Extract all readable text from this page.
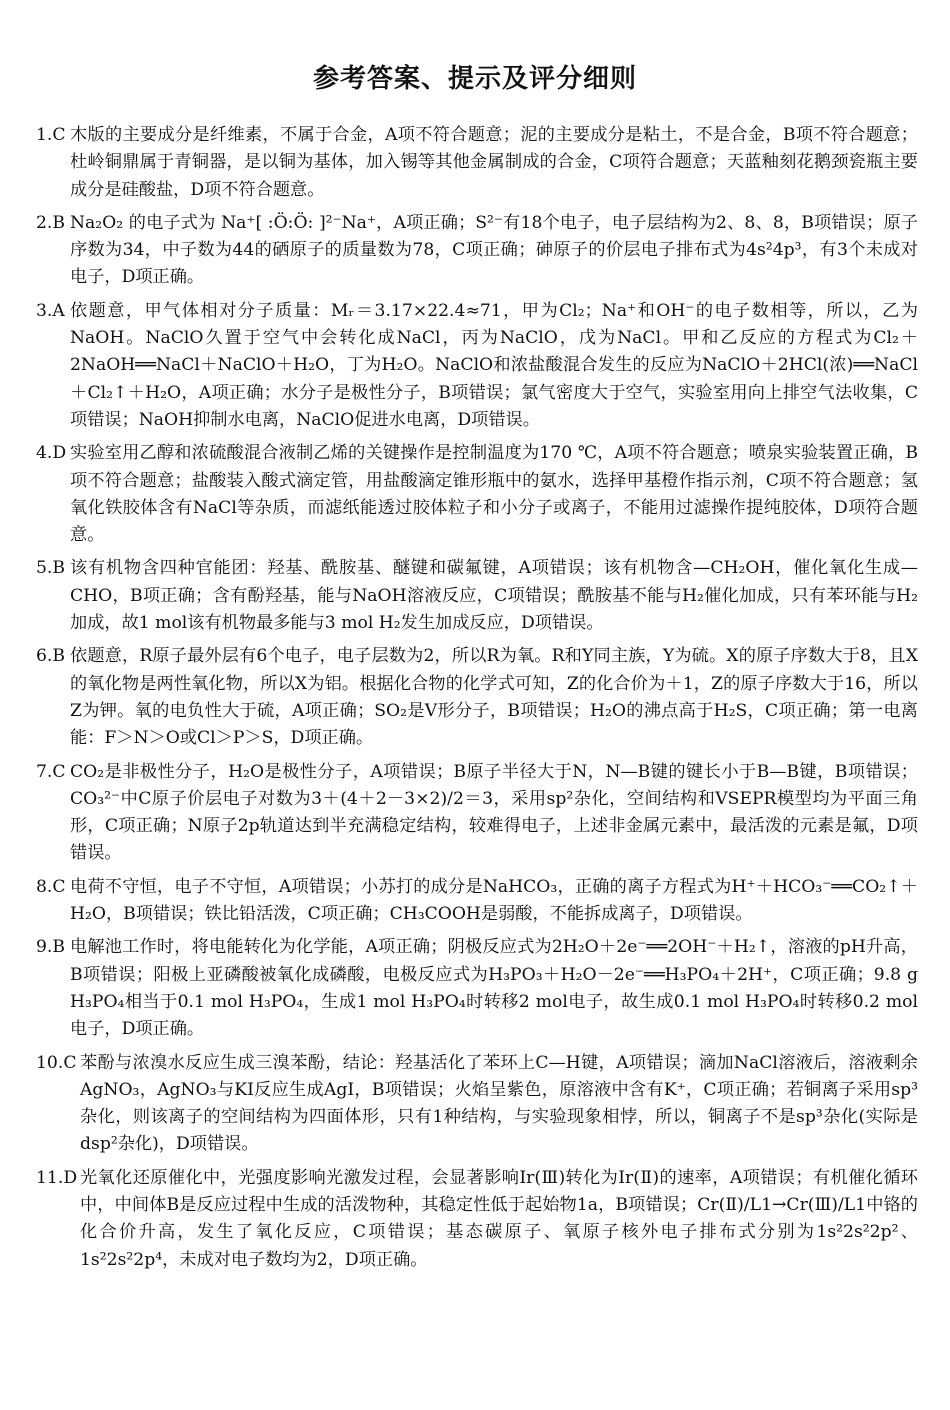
参考答案、提示及评分细则
1.C 木版的主要成分是纤维素，不属于合金，A项不符合题意；泥的主要成分是粘土，不是合金，B项不符合题意；杜岭铜鼎属于青铜器，是以铜为基体，加入锡等其他金属制成的合金，C项符合题意；天蓝釉刻花鹅颈瓷瓶主要成分是硅酸盐，D项不符合题意。
2.B Na₂O₂ 的电子式为 Na⁺[ :Ö:Ö: ]²⁻Na⁺，A项正确；S²⁻有18个电子，电子层结构为2、8、8，B项错误；原子序数为34，中子数为44的硒原子的质量数为78，C项正确；砷原子的价层电子排布式为4s²4p³，有3个未成对电子，D项正确。
3.A 依题意，甲气体相对分子质量：Mᵣ＝3.17×22.4≈71，甲为Cl₂；Na⁺和OH⁻的电子数相等，所以，乙为NaOH。NaClO久置于空气中会转化成NaCl，丙为NaClO，戊为NaCl。甲和乙反应的方程式为Cl₂＋2NaOH══NaCl＋NaClO＋H₂O，丁为H₂O。NaClO和浓盐酸混合发生的反应为NaClO＋2HCl(浓)══NaCl＋Cl₂↑＋H₂O，A项正确；水分子是极性分子，B项错误；氯气密度大于空气，实验室用向上排空气法收集，C项错误；NaOH抑制水电离，NaClO促进水电离，D项错误。
4.D 实验室用乙醇和浓硫酸混合液制乙烯的关键操作是控制温度为170 ℃，A项不符合题意；喷泉实验装置正确，B项不符合题意；盐酸装入酸式滴定管，用盐酸滴定锥形瓶中的氨水，选择甲基橙作指示剂，C项不符合题意；氢氧化铁胶体含有NaCl等杂质，而滤纸能透过胶体粒子和小分子或离子，不能用过滤操作提纯胶体，D项符合题意。
5.B 该有机物含四种官能团：羟基、酰胺基、醚键和碳氟键，A项错误；该有机物含—CH₂OH，催化氧化生成—CHO，B项正确；含有酚羟基，能与NaOH溶液反应，C项错误；酰胺基不能与H₂催化加成，只有苯环能与H₂加成，故1 mol该有机物最多能与3 mol H₂发生加成反应，D项错误。
6.B 依题意，R原子最外层有6个电子，电子层数为2，所以R为氧。R和Y同主族，Y为硫。X的原子序数大于8，且X的氧化物是两性氧化物，所以X为铝。根据化合物的化学式可知，Z的化合价为＋1，Z的原子序数大于16，所以Z为钾。氧的电负性大于硫，A项正确；SO₂是V形分子，B项错误；H₂O的沸点高于H₂S，C项正确；第一电离能：F＞N＞O或Cl＞P＞S，D项正确。
7.C CO₂是非极性分子，H₂O是极性分子，A项错误；B原子半径大于N，N—B键的键长小于B—B键，B项错误；CO₃²⁻中C原子价层电子对数为3＋(4＋2－3×2)/2＝3，采用sp²杂化，空间结构和VSEPR模型均为平面三角形，C项正确；N原子2p轨道达到半充满稳定结构，较难得电子，上述非金属元素中，最活泼的元素是氟，D项错误。
8.C 电荷不守恒，电子不守恒，A项错误；小苏打的成分是NaHCO₃，正确的离子方程式为H⁺＋HCO₃⁻══CO₂↑＋H₂O，B项错误；铁比铅活泼，C项正确；CH₃COOH是弱酸，不能拆成离子，D项错误。
9.B 电解池工作时，将电能转化为化学能，A项正确；阴极反应式为2H₂O＋2e⁻══2OH⁻＋H₂↑，溶液的pH升高，B项错误；阳极上亚磷酸被氧化成磷酸，电极反应式为H₃PO₃＋H₂O－2e⁻══H₃PO₄＋2H⁺，C项正确；9.8 g H₃PO₄相当于0.1 mol H₃PO₄，生成1 mol H₃PO₄时转移2 mol电子，故生成0.1 mol H₃PO₄时转移0.2 mol电子，D项正确。
10.C 苯酚与浓溴水反应生成三溴苯酚，结论：羟基活化了苯环上C—H键，A项错误；滴加NaCl溶液后，溶液剩余AgNO₃，AgNO₃与KI反应生成AgI，B项错误；火焰呈紫色，原溶液中含有K⁺，C项正确；若铜离子采用sp³杂化，则该离子的空间结构为四面体形，只有1种结构，与实验现象相悖，所以，铜离子不是sp³杂化(实际是dsp²杂化)，D项错误。
11.D 光氧化还原催化中，光强度影响光激发过程，会显著影响Ir(Ⅲ)转化为Ir(Ⅱ)的速率，A项错误；有机催化循环中，中间体B是反应过程中生成的活泼物种，其稳定性低于起始物1a，B项错误；Cr(Ⅱ)/L1→Cr(Ⅲ)/L1中铬的化合价升高，发生了氧化反应，C项错误；基态碳原子、氧原子核外电子排布式分别为1s²2s²2p²、1s²2s²2p⁴，未成对电子数均为2，D项正确。
